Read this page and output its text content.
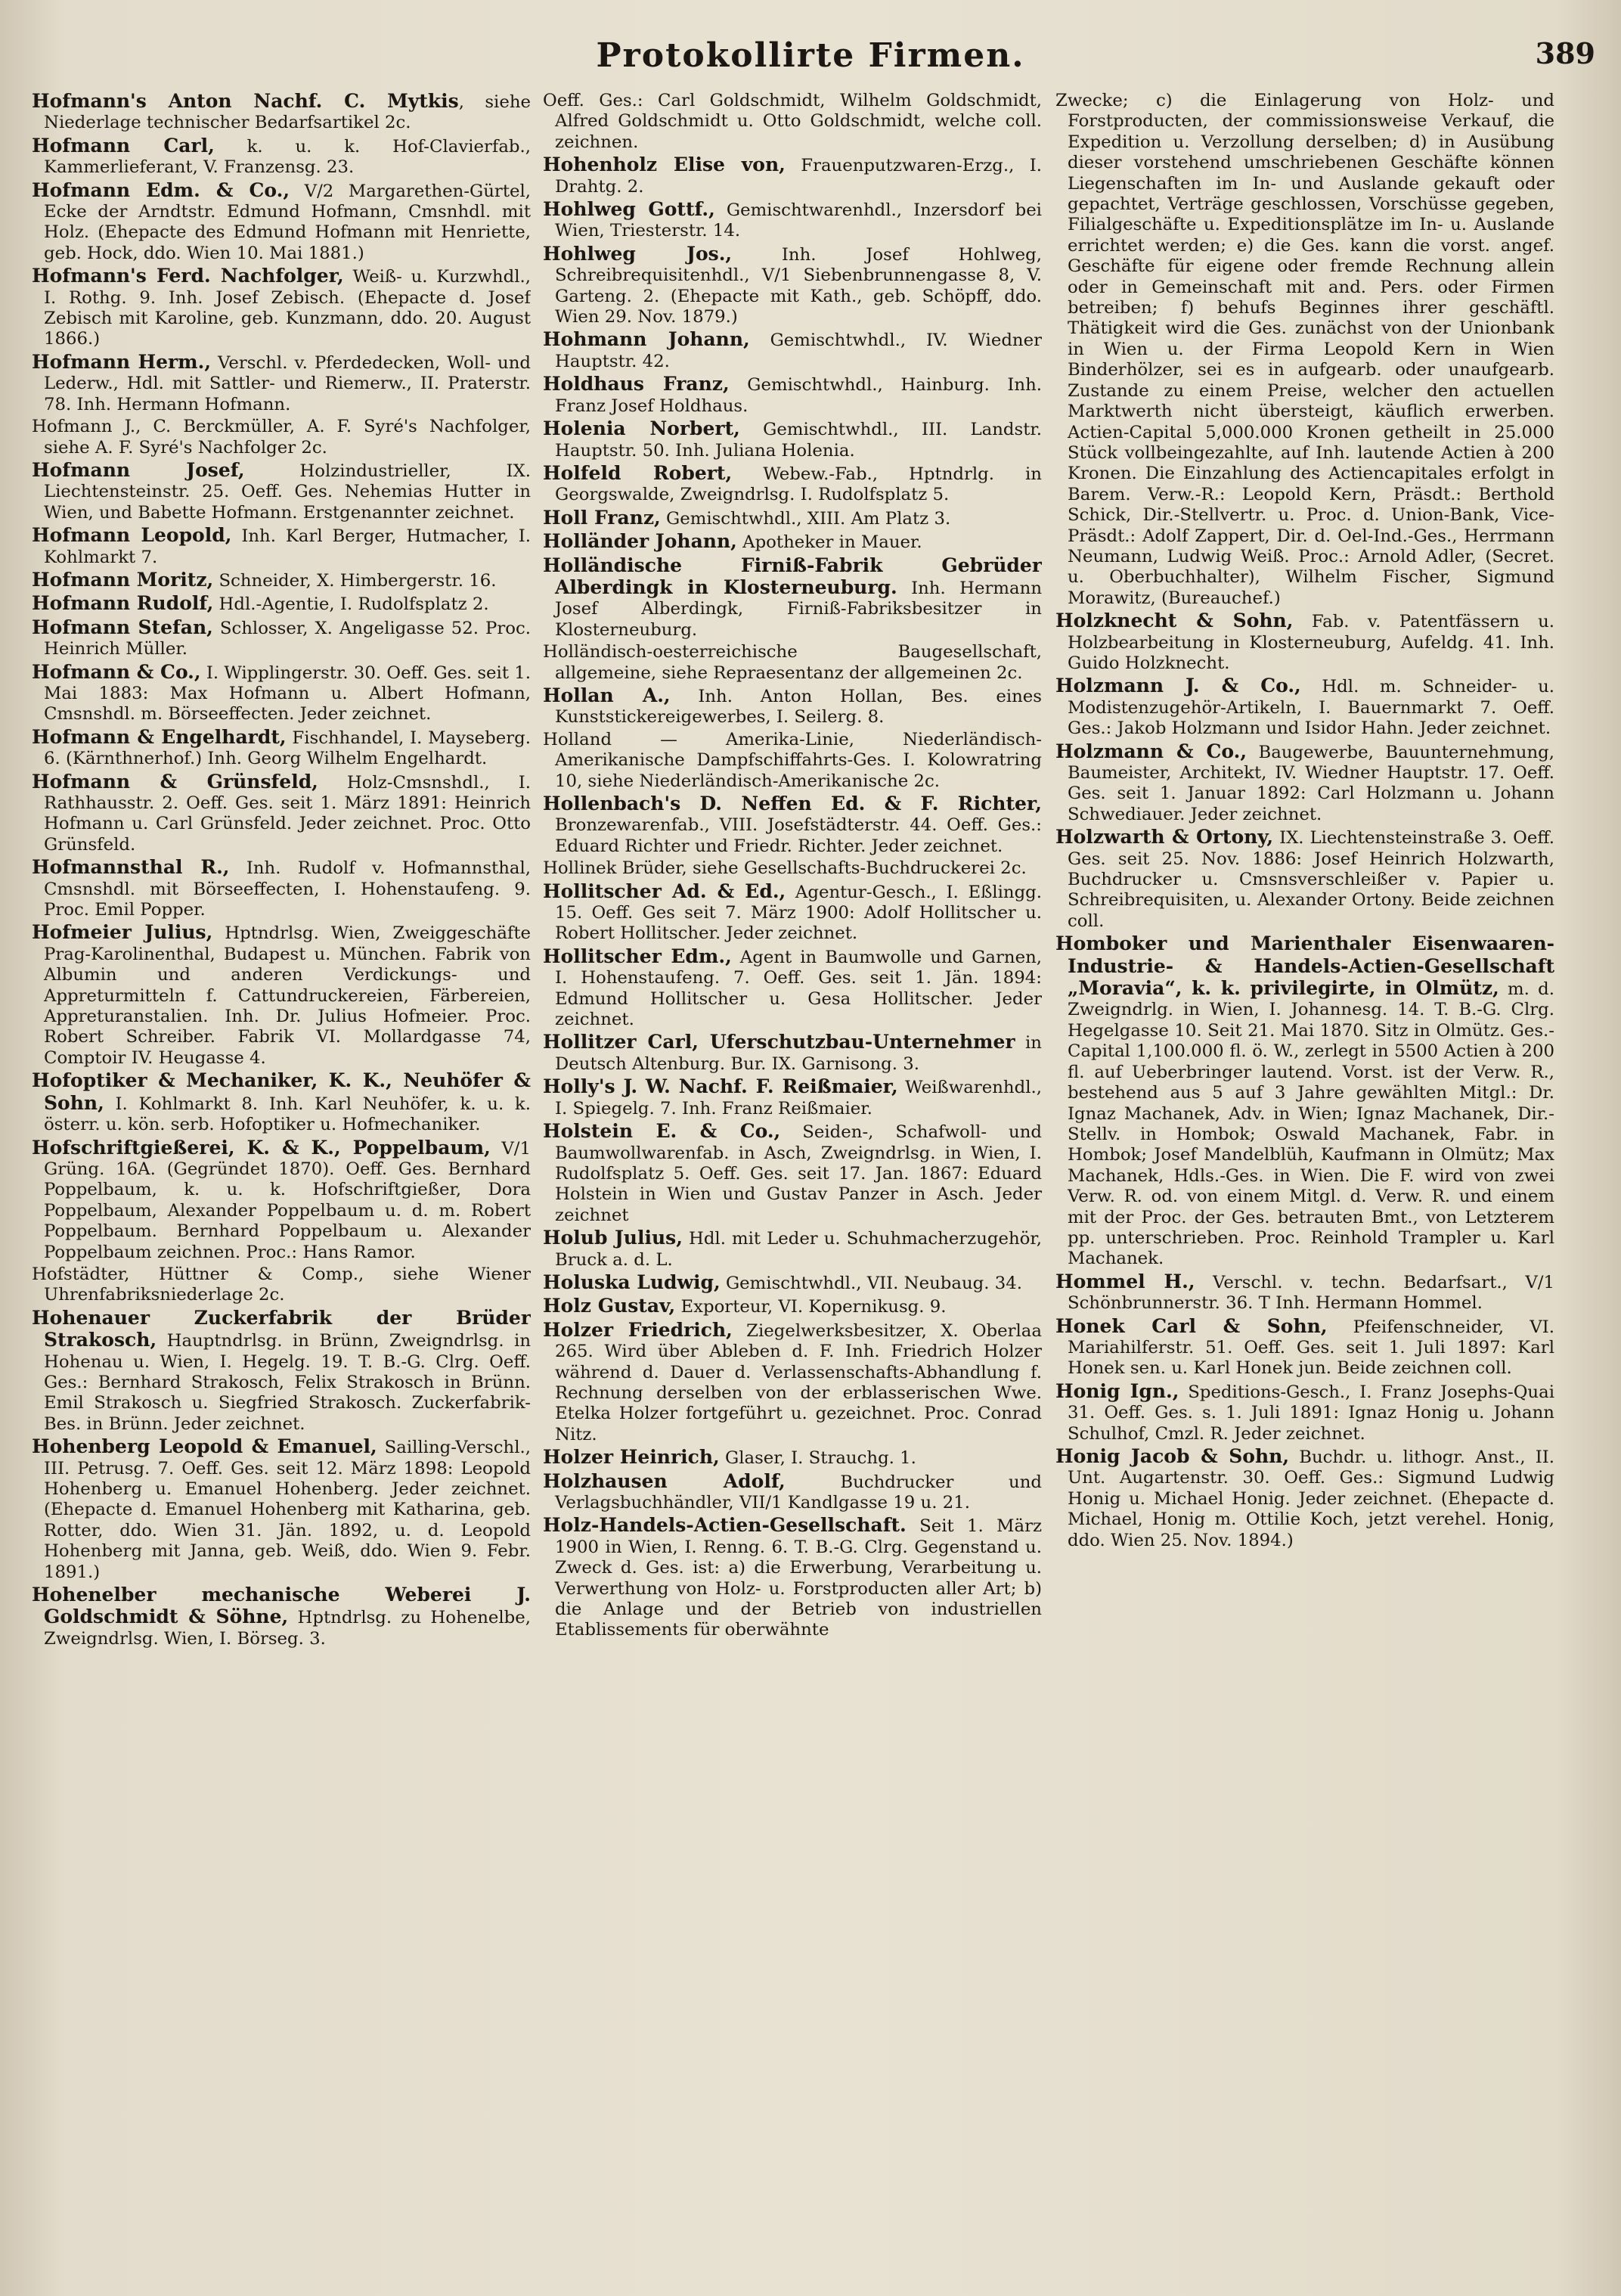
Protokollirte Firmen.	389

Hofmann's Anton Nachf. C. Mytkis, siehe Niederlage technischer Bedarfsartikel 2c.

Hofmann Carl, k. u. k. Hof-Clavierfab., Kammerlieferant, V. Franzensg. 23.

Hofmann Edm. & Co., V/2 Margarethen-Gürtel, Ecke der Arndtstr. Edmund Hofmann, Cmsnhdl. mit Holz. (Ehepacte des Edmund Hofmann mit Henriette, geb. Hock, ddo. Wien 10. Mai 1881.)

Hofmann's Ferd. Nachfolger, Weiß- u. Kurzwhdl., I. Rothg. 9. Inh. Josef Zebisch. (Ehepacte d. Josef Zebisch mit Karoline, geb. Kunzmann, ddo. 20. August 1866.)

Hofmann Herm., Verschl. v. Pferdedecken, Woll- und Lederw., Hdl. mit Sattler- und Riemerw., II. Praterstr. 78. Inh. Hermann Hofmann.

Hofmann J., C. Berckmüller, A. F. Syré's Nachfolger, siehe A. F. Syré's Nachfolger 2c.

Hofmann Josef, Holzindustrieller, IX. Liechtensteinstr. 25. Oeff. Ges. Nehemias Hutter in Wien, und Babette Hofmann. Erstgenannter zeichnet.

Hofmann Leopold, Inh. Karl Berger, Hutmacher, I. Kohlmarkt 7.

Hofmann Moritz, Schneider, X. Himbergerstr. 16.

Hofmann Rudolf, Hdl.-Agentie, I. Rudolfsplatz 2.

Hofmann Stefan, Schlosser, X. Angeligasse 52. Proc. Heinrich Müller.

Hofmann & Co., I. Wipplingerstr. 30. Oeff. Ges. seit 1. Mai 1883: Max Hofmann u. Albert Hofmann, Cmsnshdl. m. Börseeffecten. Jeder zeichnet.

Hofmann & Engelhardt, Fischhandel, I. Mayseberg. 6. (Kärnthnerhof.) Inh. Georg Wilhelm Engelhardt.

Hofmann & Grünsfeld, Holz-Cmsnshdl., I. Rathhausstr. 2. Oeff. Ges. seit 1. März 1891: Heinrich Hofmann u. Carl Grünsfeld. Jeder zeichnet. Proc. Otto Grünsfeld.

Hofmannsthal R., Inh. Rudolf v. Hofmannsthal, Cmsnshdl. mit Börseeffecten, I. Hohenstaufeng. 9. Proc. Emil Popper.

Hofmeier Julius, Hptndrlsg. Wien, Zweiggeschäfte Prag-Karolinenthal, Budapest u. München. Fabrik von Albumin und anderen Verdickungs- und Appreturmitteln f. Cattundruckereien, Färbereien, Appreturanstalien. Inh. Dr. Julius Hofmeier. Proc. Robert Schreiber. Fabrik VI. Mollardgasse 74, Comptoir IV. Heugasse 4.

Hofoptiker & Mechaniker, K. K., Neuhöfer & Sohn, I. Kohlmarkt 8. Inh. Karl Neuhöfer, k. u. k. österr. u. kön. serb. Hofoptiker u. Hofmechaniker.

Hofschriftgießerei, K. & K., Poppelbaum, V/1 Grüng. 16A. (Gegründet 1870). Oeff. Ges. Bernhard Poppelbaum, k. u. k. Hofschriftgießer, Dora Poppelbaum, Alexander Poppelbaum u. d. m. Robert Poppelbaum. Bernhard Poppelbaum u. Alexander Poppelbaum zeichnen. Proc.: Hans Ramor.

Hofstädter, Hüttner & Comp., siehe Wiener Uhrenfabriksniederlage 2c.

Hohenauer Zuckerfabrik der Brüder Strakosch, Hauptndrlsg. in Brünn, Zweigndrlsg. in Hohenau u. Wien, I. Hegelg. 19. T. B.-G. Clrg. Oeff. Ges.: Bernhard Strakosch, Felix Strakosch in Brünn. Emil Strakosch u. Siegfried Strakosch. Zuckerfabrik-Bes. in Brünn. Jeder zeichnet.

Hohenberg Leopold & Emanuel, Sailling-Verschl., III. Petrusg. 7. Oeff. Ges. seit 12. März 1898: Leopold Hohenberg u. Emanuel Hohenberg. Jeder zeichnet. (Ehepacte d. Emanuel Hohenberg mit Katharina, geb. Rotter, ddo. Wien 31. Jän. 1892, u. d. Leopold Hohenberg mit Janna, geb. Weiß, ddo. Wien 9. Febr. 1891.)

Hohenelber mechanische Weberei J. Goldschmidt & Söhne, Hptndrlsg. zu Hohenelbe, Zweigndrlsg. Wien, I. Börseg. 3.

Oeff. Ges.: Carl Goldschmidt, Wilhelm Goldschmidt, Alfred Goldschmidt u. Otto Goldschmidt, welche coll. zeichnen.

Hohenholz Elise von, Frauenputzwaren-Erzg., I. Drahtg. 2.

Hohlweg Gottf., Gemischtwarenhdl., Inzersdorf bei Wien, Triesterstr. 14.

Hohlweg Jos., Inh. Josef Hohlweg, Schreibrequisitenhdl., V/1 Siebenbrunnengasse 8, V. Garteng. 2. (Ehepacte mit Kath., geb. Schöpff, ddo. Wien 29. Nov. 1879.)

Hohmann Johann, Gemischtwhdl., IV. Wiedner Hauptstr. 42.

Holdhaus Franz, Gemischtwhdl., Hainburg. Inh. Franz Josef Holdhaus.

Holenia Norbert, Gemischtwhdl., III. Landstr. Hauptstr. 50. Inh. Juliana Holenia.

Holfeld Robert, Webew.-Fab., Hptndrlg. in Georgswalde, Zweigndrlsg. I. Rudolfsplatz 5.

Holl Franz, Gemischtwhdl., XIII. Am Platz 3.

Holländer Johann, Apotheker in Mauer.

Holländische Firniß-Fabrik Gebrüder Alberdingk in Klosterneuburg. Inh. Hermann Josef Alberdingk, Firniß-Fabriksbesitzer in Klosterneuburg.

Holländisch-oesterreichische Baugesellschaft, allgemeine, siehe Repraesentanz der allgemeinen 2c.

Hollan A., Inh. Anton Hollan, Bes. eines Kunststickereigewerbes, I. Seilerg. 8.

Holland — Amerika-Linie, Niederländisch-Amerikanische Dampfschiffahrts-Ges. I. Kolowratring 10, siehe Niederländisch-Amerikanische 2c.

Hollenbach's D. Neffen Ed. & F. Richter, Bronzewarenfab., VIII. Josefstädterstr. 44. Oeff. Ges.: Eduard Richter und Friedr. Richter. Jeder zeichnet.

Hollinek Brüder, siehe Gesellschafts-Buchdruckerei 2c.

Hollitscher Ad. & Ed., Agentur-Gesch., I. Eßlingg. 15. Oeff. Ges seit 7. März 1900: Adolf Hollitscher u. Robert Hollitscher. Jeder zeichnet.

Hollitscher Edm., Agent in Baumwolle und Garnen, I. Hohenstaufeng. 7. Oeff. Ges. seit 1. Jän. 1894: Edmund Hollitscher u. Gesa Hollitscher. Jeder zeichnet.

Hollitzer Carl, Uferschutzbau-Unternehmer in Deutsch Altenburg. Bur. IX. Garnisong. 3.

Holly's J. W. Nachf. F. Reißmaier, Weißwarenhdl., I. Spiegelg. 7. Inh. Franz Reißmaier.

Holstein E. & Co., Seiden-, Schafwoll- und Baumwollwarenfab. in Asch, Zweigndrlsg. in Wien, I. Rudolfsplatz 5. Oeff. Ges. seit 17. Jan. 1867: Eduard Holstein in Wien und Gustav Panzer in Asch. Jeder zeichnet

Holub Julius, Hdl. mit Leder u. Schuhmacherzugehör, Bruck a. d. L.

Holuska Ludwig, Gemischtwhdl., VII. Neubaug. 34.

Holz Gustav, Exporteur, VI. Kopernikusg. 9.

Holzer Friedrich, Ziegelwerksbesitzer, X. Oberlaa 265. Wird über Ableben d. F. Inh. Friedrich Holzer während d. Dauer d. Verlassenschafts-Abhandlung f. Rechnung derselben von der erblasserischen Wwe. Etelka Holzer fortgeführt u. gezeichnet. Proc. Conrad Nitz.

Holzer Heinrich, Glaser, I. Strauchg. 1.

Holzhausen Adolf, Buchdrucker und Verlagsbuchhändler, VII/1 Kandlgasse 19 u. 21.

Holz-Handels-Actien-Gesellschaft. Seit 1. März 1900 in Wien, I. Renng. 6. T. B.-G. Clrg. Gegenstand u. Zweck d. Ges. ist: a) die Erwerbung, Verarbeitung u. Verwerthung von Holz- u. Forstproducten aller Art; b) die Anlage und der Betrieb von industriellen Etablissements für oberwähnte

Zwecke; c) die Einlagerung von Holz- und Forstproducten, der commissionsweise Verkauf, die Expedition u. Verzollung derselben; d) in Ausübung dieser vorstehend umschriebenen Geschäfte können Liegenschaften im In- und Auslande gekauft oder gepachtet, Verträge geschlossen, Vorschüsse gegeben, Filialgeschäfte u. Expeditionsplätze im In- u. Auslande errichtet werden; e) die Ges. kann die vorst. angef. Geschäfte für eigene oder fremde Rechnung allein oder in Gemeinschaft mit and. Pers. oder Firmen betreiben; f) behufs Beginnes ihrer geschäftl. Thätigkeit wird die Ges. zunächst von der Unionbank in Wien u. der Firma Leopold Kern in Wien Binderhölzer, sei es in aufgearb. oder unaufgearb. Zustande zu einem Preise, welcher den actuellen Marktwerth nicht übersteigt, käuflich erwerben. Actien-Capital 5,000.000 Kronen getheilt in 25.000 Stück vollbeingezahlte, auf Inh. lautende Actien à 200 Kronen. Die Einzahlung des Actiencapitales erfolgt in Barem. Verw.-R.: Leopold Kern, Präsdt.: Berthold Schick, Dir.-Stellvertr. u. Proc. d. Union-Bank, Vice-Präsdt.: Adolf Zappert, Dir. d. Oel-Ind.-Ges., Herrmann Neumann, Ludwig Weiß. Proc.: Arnold Adler, (Secret. u. Oberbuchhalter), Wilhelm Fischer, Sigmund Morawitz, (Bureauchef.)

Holzknecht & Sohn, Fab. v. Patentfässern u. Holzbearbeitung in Klosterneuburg, Aufeldg. 41. Inh. Guido Holzknecht.

Holzmann J. & Co., Hdl. m. Schneider- u. Modistenzugehör-Artikeln, I. Bauernmarkt 7. Oeff. Ges.: Jakob Holzmann und Isidor Hahn. Jeder zeichnet.

Holzmann & Co., Baugewerbe, Bauunternehmung, Baumeister, Architekt, IV. Wiedner Hauptstr. 17. Oeff. Ges. seit 1. Januar 1892: Carl Holzmann u. Johann Schwediauer. Jeder zeichnet.

Holzwarth & Ortony, IX. Liechtensteinstraße 3. Oeff. Ges. seit 25. Nov. 1886: Josef Heinrich Holzwarth, Buchdrucker u. Cmsnsverschleißer v. Papier u. Schreibrequisiten, u. Alexander Ortony. Beide zeichnen coll.

Homboker und Marienthaler Eisenwaaren-Industrie- & Handels-Actien-Gesellschaft „Moravia“, k. k. privilegirte, in Olmütz, m. d. Zweigndrlg. in Wien, I. Johannesg. 14. T. B.-G. Clrg. Hegelgasse 10. Seit 21. Mai 1870. Sitz in Olmütz. Ges.-Capital 1,100.000 fl. ö. W., zerlegt in 5500 Actien à 200 fl. auf Ueberbringer lautend. Vorst. ist der Verw. R., bestehend aus 5 auf 3 Jahre gewählten Mitgl.: Dr. Ignaz Machanek, Adv. in Wien; Ignaz Machanek, Dir.-Stellv. in Hombok; Oswald Machanek, Fabr. in Hombok; Josef Mandelblüh, Kaufmann in Olmütz; Max Machanek, Hdls.-Ges. in Wien. Die F. wird von zwei Verw. R. od. von einem Mitgl. d. Verw. R. und einem mit der Proc. der Ges. betrauten Bmt., von Letzterem pp. unterschrieben. Proc. Reinhold Trampler u. Karl Machanek.

Hommel H., Verschl. v. techn. Bedarfsart., V/1 Schönbrunnerstr. 36. T Inh. Hermann Hommel.

Honek Carl & Sohn, Pfeifenschneider, VI. Mariahilferstr. 51. Oeff. Ges. seit 1. Juli 1897: Karl Honek sen. u. Karl Honek jun. Beide zeichnen coll.

Honig Ign., Speditions-Gesch., I. Franz Josephs-Quai 31. Oeff. Ges. s. 1. Juli 1891: Ignaz Honig u. Johann Schulhof, Cmzl. R. Jeder zeichnet.

Honig Jacob & Sohn, Buchdr. u. lithogr. Anst., II. Unt. Augartenstr. 30. Oeff. Ges.: Sigmund Ludwig Honig u. Michael Honig. Jeder zeichnet. (Ehepacte d. Michael, Honig m. Ottilie Koch, jetzt verehel. Honig, ddo. Wien 25. Nov. 1894.)
